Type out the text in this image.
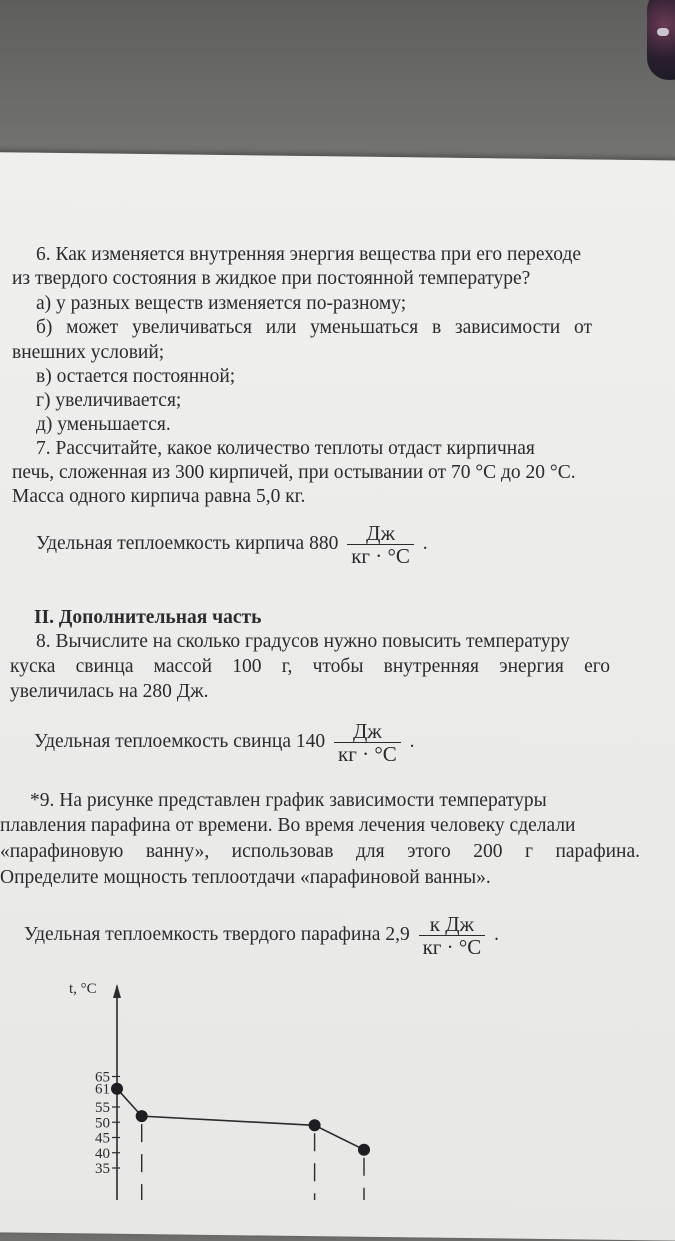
6. Как изменяется внутренняя энергия вещества при его переходе
из твердого состояния в жидкое при постоянной температуре?
а) у разных веществ изменяется по-разному;
б) может увеличиваться или уменьшаться в зависимости от
внешних условий;
в) остается постоянной;
г) увеличивается;
д) уменьшается.
7. Рассчитайте, какое количество теплоты отдаст кирпичная
печь, сложенная из 300 кирпичей, при остывании от 70 °С до 20 °С.
Масса одного кирпича равна 5,0 кг.
Удельная теплоемкость кирпича $880 \frac{Дж}{кг \cdot ^\circ С}$ .
II. Дополнительная часть
8. Вычислите на сколько градусов нужно повысить температуру
куска свинца массой 100 г, чтобы внутренняя энергия его
увеличилась на 280 Дж.
Удельная теплоемкость свинца $140 \frac{Дж}{кг \cdot ^\circ С}$ .
*9. На рисунке представлен график зависимости температуры
плавления парафина от времени. Во время лечения человеку сделали
«парафиновую ванну», использовав для этого 200 г парафина.
Определите мощность теплоотдачи «парафиновой ванны».
Удельная теплоемкость твердого парафина $2,9 \frac{\text{к Дж}}{кг \cdot ^\circ С}$ .
t, °С
35
40
45
50
55
61
65
